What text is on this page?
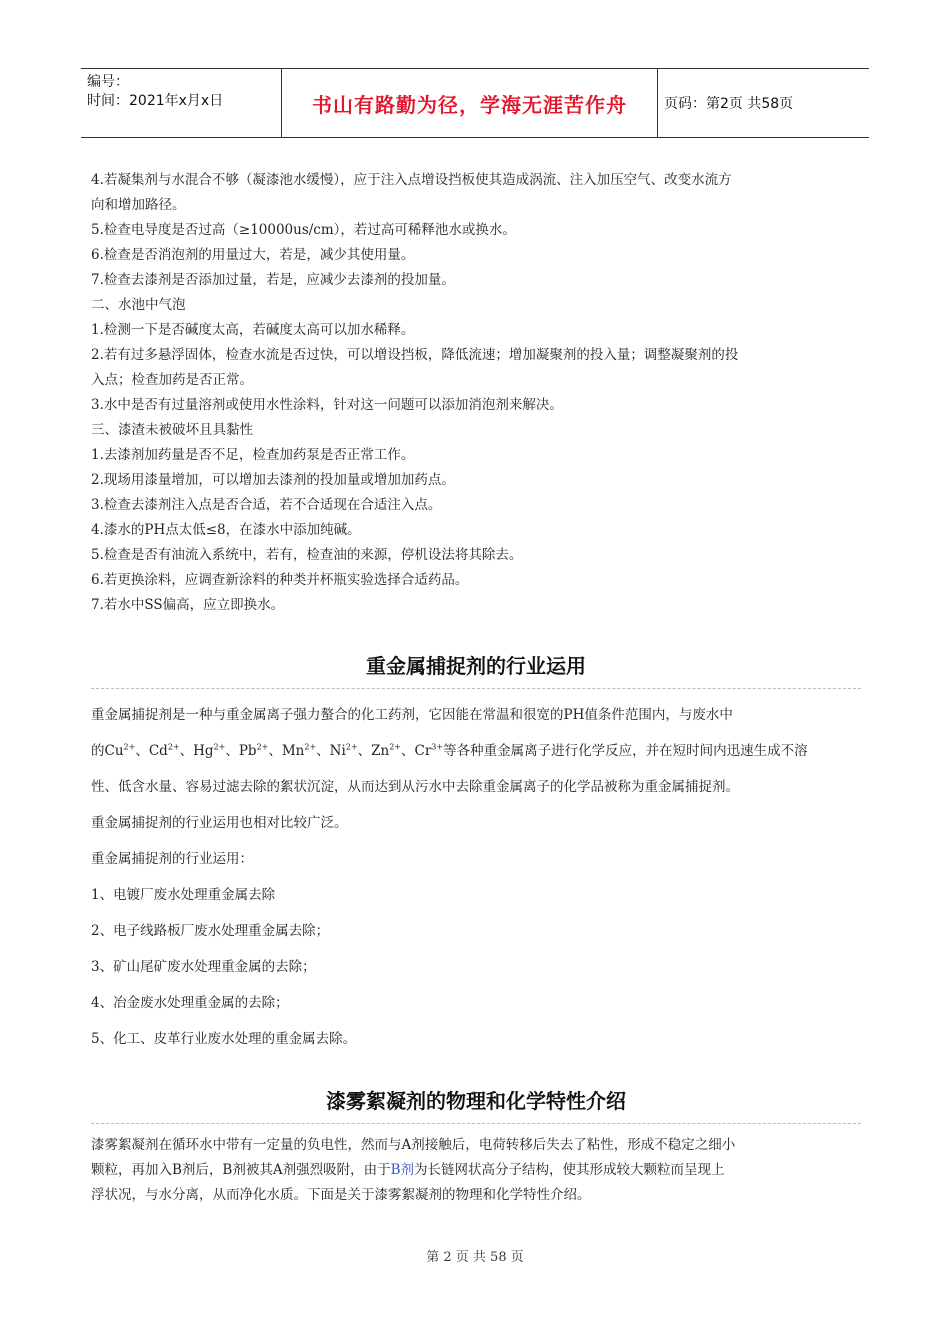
编号：
时间：2021年x月x日	书山有路勤为径，学海无涯苦作舟	页码：第2页 共58页
4.若凝集剂与水混合不够（凝漆池水缓慢），应于注入点增设挡板使其造成涡流、注入加压空气、改变水流方
向和增加路径。
5.检查电导度是否过高（≥10000us/cm），若过高可稀释池水或换水。
6.检查是否消泡剂的用量过大，若是，减少其使用量。
7.检查去漆剂是否添加过量，若是，应减少去漆剂的投加量。
二、水池中气泡
1.检测一下是否碱度太高，若碱度太高可以加水稀释。
2.若有过多悬浮固体，检查水流是否过快，可以增设挡板，降低流速；增加凝聚剂的投入量；调整凝聚剂的投
入点；检查加药是否正常。
3.水中是否有过量溶剂或使用水性涂料，针对这一问题可以添加消泡剂来解决。
三、漆渣未被破坏且具黏性
1.去漆剂加药量是否不足，检查加药泵是否正常工作。
2.现场用漆量增加，可以增加去漆剂的投加量或增加加药点。
3.检查去漆剂注入点是否合适，若不合适现在合适注入点。
4.漆水的PH点太低≤8，在漆水中添加纯碱。
5.检查是否有油流入系统中，若有，检查油的来源，停机设法将其除去。
6.若更换涂料，应调查新涂料的种类并杯瓶实验选择合适药品。
7.若水中SS偏高，应立即换水。
重金属捕捉剂的行业运用
重金属捕捉剂是一种与重金属离子强力螯合的化工药剂，它因能在常温和很宽的PH值条件范围内，与废水中
的$Cu^{2+}$、$Cd^{2+}$、$Hg^{2+}$、$Pb^{2+}$、$Mn^{2+}$、$Ni^{2+}$、$Zn^{2+}$、$Cr^{3+}$等各种重金属离子进行化学反应，并在短时间内迅速生成不溶
性、低含水量、容易过滤去除的絮状沉淀，从而达到从污水中去除重金属离子的化学品被称为重金属捕捉剂。
重金属捕捉剂的行业运用也相对比较广泛。
重金属捕捉剂的行业运用：
1、电镀厂废水处理重金属去除
2、电子线路板厂废水处理重金属去除；
3、矿山尾矿废水处理重金属的去除；
4、冶金废水处理重金属的去除；
5、化工、皮革行业废水处理的重金属去除。
漆雾絮凝剂的物理和化学特性介绍
漆雾絮凝剂在循环水中带有一定量的负电性，然而与A剂接触后，电荷转移后失去了粘性，形成不稳定之细小
颗粒，再加入B剂后，B剂被其A剂强烈吸附，由于B剂为长链网状高分子结构，使其形成较大颗粒而呈现上
浮状况，与水分离，从而净化水质。下面是关于漆雾絮凝剂的物理和化学特性介绍。
第 2 页 共 58 页
